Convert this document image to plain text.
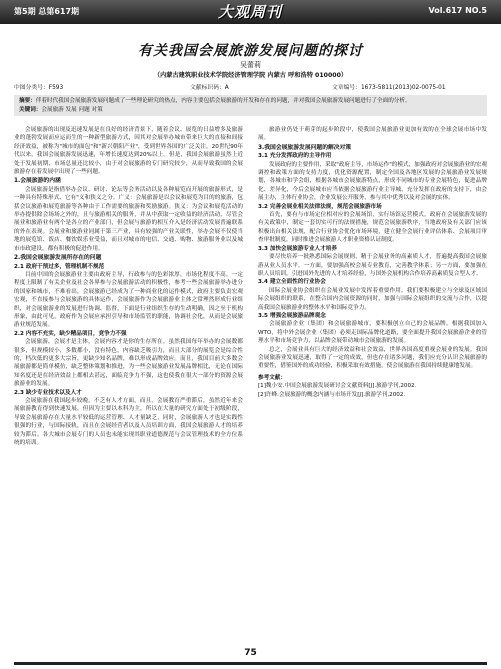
第5期 总第617期	大观周刊	Vol.617 NO.5
有关我国会展旅游发展问题的探讨
吴蕾莉
（内蒙古建筑职业技术学院经济管理学院 内蒙古 呼和浩特 010000）
中图分类号：F593	文献标识码：A	文章编号：1673-5811(2013)02-0075-01
摘要：伴着时代我国会展旅游发展问题成了一些理论研究的热点，内容主要包括会展旅游的开发和存在的问题，并对我国会展旅游发展问题进行了全面的分析。
关键词：会展旅游 发展 问题 对策

会展旅游的出现及迅速发展是在良好的经济背景下，随着会议、展览的日益增多及旅游业的蓬勃发展而应运而生的一种新型旅游方式，因其对会展举办城市带来巨大的直接和间接经济效益，被称为"城市的面包"和"新兴朝阳产业"，受到世界各国的广泛关注。20世纪90年代以来，我国会展旅游发展迅速，年增长速度达到20%以上。但是，我国会展旅游虽然上近处于发展初期，市场总量还比较小，由于对会展旅游的专门研究较少，从而导致我国的会展旅游存在着发展中出现了一些问题。

1.会展旅游的内涵

会展旅游是指借举办会议、研讨、论坛等会务活动以及各种展览而开展的旅游形式，是一种具有特殊形式、它有"义和狭义之分。广义：会展旅游是以会议和展览为目的的旅游，包括会议旅游和展览旅游等各种由于工作需要的旅游和奖励旅游。狭义：为会议和展览活动的举办提供除会场场之外的，且与旅游相关的服务，并从中获取一定收益的经济活动，尽管会展业和旅游业有两个是各立的产业部门，但会展与旅游的相互介入是经济活动发展普遍联系的外在表现。会展业和旅游业同属于第三产业，具有较强的产业关联性，举办会展不仅使当地的展览馆、饭店、餐饮娱乐业受益，而且对城市的电信、交通、购物、旅游服务业以及城市市政建设，都有积极的促进作用。

2.我国会展旅游发展所存在的问题
2.1 政府干预过多，管理机制不规范

目前中国的会展旅游业主要由政府主导，行政参与的色彩浓厚，市场化程度不高。一定程度上限制了有关企业及社会各界参与会展旅游活动的积极性，参考一些会展旅游举办进分的国家和城市，不难看出，会展旅游已经成为了一种商业化的运作模式，政府主要负责宏观宏观，不直接参与会展旅游的具体运作，会展旅游作为会展旅游业主体之常理然形成行业组织，对会展旅游业的发展进行协调、监督，下面是行业组织生存的生动明确，因之至于机构形象，由此可见，政府作为会展应承担引导和市场监管的职能，协调社会化，从而是会展旅游业规范发展。

2.2 内容不充实，缺少精品项目，竞争力不强

会展旅游，会展才是主体，会展内容才是你的生存所在。虽然我国每年举办的会展数都很多，但规模较小，多数都小，没有特色，内容缺乏吸引力，而且大部分的展览会是综合性的，档次低的更多大宗旨，更缺少知名品牌，难以形成品牌效应。而且，我国目前大多数会展旅游都是简单模仿，缺乏整体策划和推进，为一些会展旅游业发展品牌相比，无论在国际知名度还是在经济效益上都相去甚远，面临竞争力不强，这也使我在很大一部分的资源会展旅游业的发展。

2.3 缺少专业技术以及人才

会展旅游在我国起步较晚，不乏有人才方面，而且，会展教育严重滞后，虽然近年来会展旅游教育得到快速发展，但因为主要以本科为主，所以在大量的研究方面处于初级阶段，导致会展旅游存在大量水平较低的运营管理、人才量缺乏，同时，会展旅游人才也是实践性很强的行业，与国际接轨，而且在会展经营者以及人员培训方面，我国会展旅游人才的培养较为滞后。各大城市会展专门的人员也未能实现其职业道德规范与会议管理技术的全方位系统的培训。

旅游业仍处于萌芽的起步阶段中，使我国会展旅游业更加有效的在全球会展市场中发展。

3.我国会展旅游发展问题的解决对策
3.1 充分发挥政府的主导作用

发展政府的主要作用，采取"政府主导，市场运作"的模式，加强政府对会展旅游业的宏观调控和政策方面的支持力度，优化资源配置，制定全国及各地区发展的会展旅游业发展规划，各城市和学会组，根据各城市会展旅游特点，形成不同城市的专业会展特色，促进品牌化、差异化，今后会展城市应当依据会展旅游行业主导城，充分发挥在政府的支持下，由会展主办，主体行业协会，企业发展公开服务，参与其中优秀以及对会展的实体。

3.2 完善会展业相关法律法规，规范会展旅游市场

首先，要有与市场定位相对应的会展场馆，实行场馆运营模式。政府在会展旅游发展的有关政策中，制定一套切实可行的法规措施，规范会展旅游秩序，当地政府及有关部门应该积极出台相关法规，配合行业协会优化市场环境，建立健全会展行业评估体系、会展项目审查审批制度，同时推进会展旅游人才职业资格认证制度。

3.3 加快会展旅游专业人才培养

要尽快培养一批熟悉国际会展规则、精于会展业务的高素质人才，普遍提高我国会展旅游从业人员水平。一方面，要加强高校会展专业教育，完善教学体系；另一方面，要加强在职人员培训，引进国外先进的人才培养经验，与国外会展机构合作培养高素质复合型人才。

3.4 建立全面性的行业协会

国际会展业协会组织在会展业发展中发挥着重要作用。我们要积极建立与全球及区域国际会展组织的联系，在整合国内会展资源的同时，加强与国际会展组织的交流与合作，以提高我国会展旅游业的整体水平和国际竞争力。

3.5 增强会展旅游品牌观念

会展旅游企业（集团）和会展旅游城市，要积极创立自己的会展品牌。根据我国加入WTO，将中外会展企业（集团）必须走国际品牌化道路，要全面提升我国会展旅游企业的管理水平和市场竞争力，以品牌会展带动城市会展旅游的发展。

总之，会展业具有巨大的经济效益和社会效益，世界各国高度重视会展业的发展。我国会展旅游业发展迅速，取得了一定的成效，但也存在诸多问题，我们应充分认识会展旅游的重要性，借鉴国外的成功经验，积极采取有效措施，使会展旅游在我国持续健康地发展。

参考文献：
[1]魏小安.中国会展旅游发展研讨会文献资料[J].旅游学刊,2002.
[2]许峰.会展旅游的概念内涵与市场开发[J].旅游学刊,2002.
75
